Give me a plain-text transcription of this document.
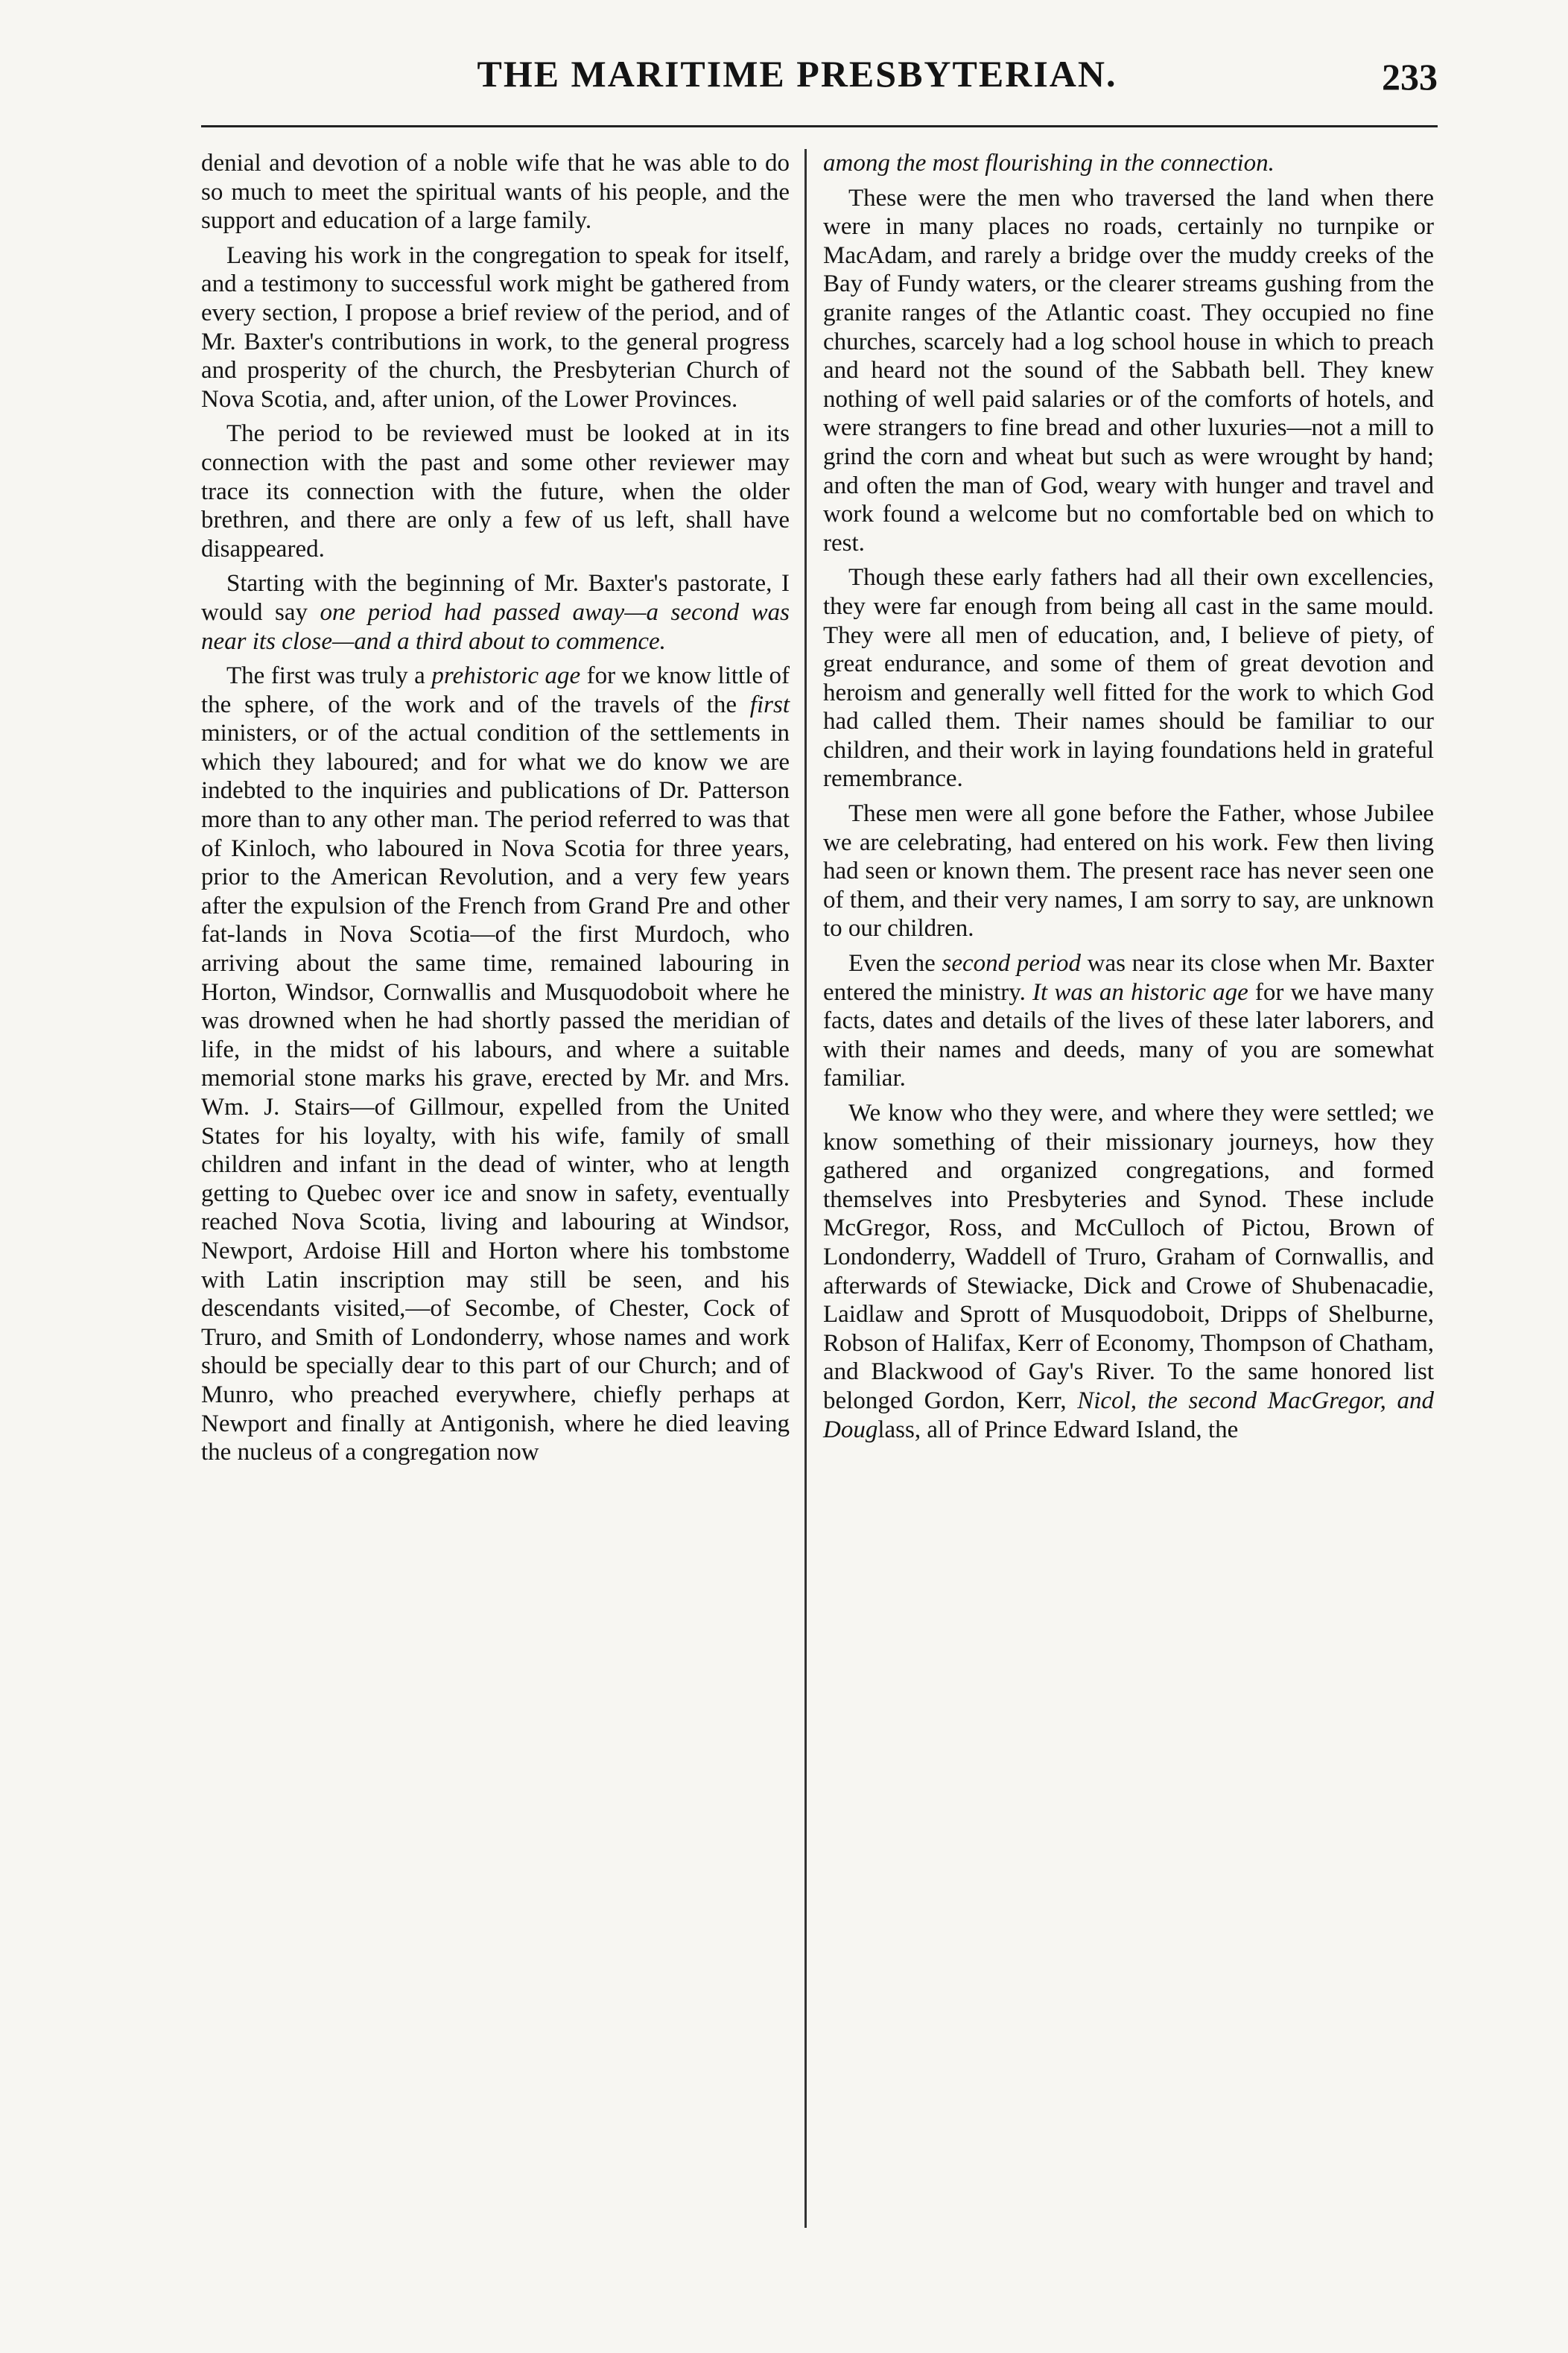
THE MARITIME PRESBYTERIAN.	233

denial and devotion of a noble wife that he was able to do so much to meet the spiritual wants of his people, and the support and education of a large family.

Leaving his work in the congregation to speak for itself, and a testimony to successful work might be gathered from every section, I propose a brief review of the period, and of Mr. Baxter's contributions in work, to the general progress and prosperity of the church, the Presbyterian Church of Nova Scotia, and, after union, of the Lower Provinces.

The period to be reviewed must be looked at in its connection with the past and some other reviewer may trace its connection with the future, when the older brethren, and there are only a few of us left, shall have disappeared.

Starting with the beginning of Mr. Baxter's pastorate, I would say one period had passed away—a second was near its close—and a third about to commence.

The first was truly a prehistoric age for we know little of the sphere, of the work and of the travels of the first ministers, or of the actual condition of the settlements in which they laboured; and for what we do know we are indebted to the inquiries and publications of Dr. Patterson more than to any other man. The period referred to was that of Kinloch, who laboured in Nova Scotia for three years, prior to the American Revolution, and a very few years after the expulsion of the French from Grand Pre and other fat-lands in Nova Scotia—of the first Murdoch, who arriving about the same time, remained labouring in Horton, Windsor, Cornwallis and Musquodoboit where he was drowned when he had shortly passed the meridian of life, in the midst of his labours, and where a suitable memorial stone marks his grave, erected by Mr. and Mrs. Wm. J. Stairs—of Gillmour, expelled from the United States for his loyalty, with his wife, family of small children and infant in the dead of winter, who at length getting to Quebec over ice and snow in safety, eventually reached Nova Scotia, living and labouring at Windsor, Newport, Ardoise Hill and Horton where his tombstome with Latin inscription may still be seen, and his descendants visited,—of Secombe, of Chester, Cock of Truro, and Smith of Londonderry, whose names and work should be specially dear to this part of our Church; and of Munro, who preached everywhere, chiefly perhaps at Newport and finally at Antigonish, where he died leaving the nucleus of a congregation now

among the most flourishing in the connection.

These were the men who traversed the land when there were in many places no roads, certainly no turnpike or MacAdam, and rarely a bridge over the muddy creeks of the Bay of Fundy waters, or the clearer streams gushing from the granite ranges of the Atlantic coast. They occupied no fine churches, scarcely had a log school house in which to preach and heard not the sound of the Sabbath bell. They knew nothing of well paid salaries or of the comforts of hotels, and were strangers to fine bread and other luxuries—not a mill to grind the corn and wheat but such as were wrought by hand; and often the man of God, weary with hunger and travel and work found a welcome but no comfortable bed on which to rest.

Though these early fathers had all their own excellencies, they were far enough from being all cast in the same mould. They were all men of education, and, I believe of piety, of great endurance, and some of them of great devotion and heroism and generally well fitted for the work to which God had called them. Their names should be familiar to our children, and their work in laying foundations held in grateful remembrance.

These men were all gone before the Father, whose Jubilee we are celebrating, had entered on his work. Few then living had seen or known them. The present race has never seen one of them, and their very names, I am sorry to say, are unknown to our children.

Even the second period was near its close when Mr. Baxter entered the ministry. It was an historic age for we have many facts, dates and details of the lives of these later laborers, and with their names and deeds, many of you are somewhat familiar.

We know who they were, and where they were settled; we know something of their missionary journeys, how they gathered and organized congregations, and formed themselves into Presbyteries and Synod. These include McGregor, Ross, and McCulloch of Pictou, Brown of Londonderry, Waddell of Truro, Graham of Cornwallis, and afterwards of Stewiacke, Dick and Crowe of Shubenacadie, Laidlaw and Sprott of Musquodoboit, Dripps of Shelburne, Robson of Halifax, Kerr of Economy, Thompson of Chatham, and Blackwood of Gay's River. To the same honored list belonged Gordon, Kerr, Nicol, the second MacGregor, and Douglass, all of Prince Edward Island, the
